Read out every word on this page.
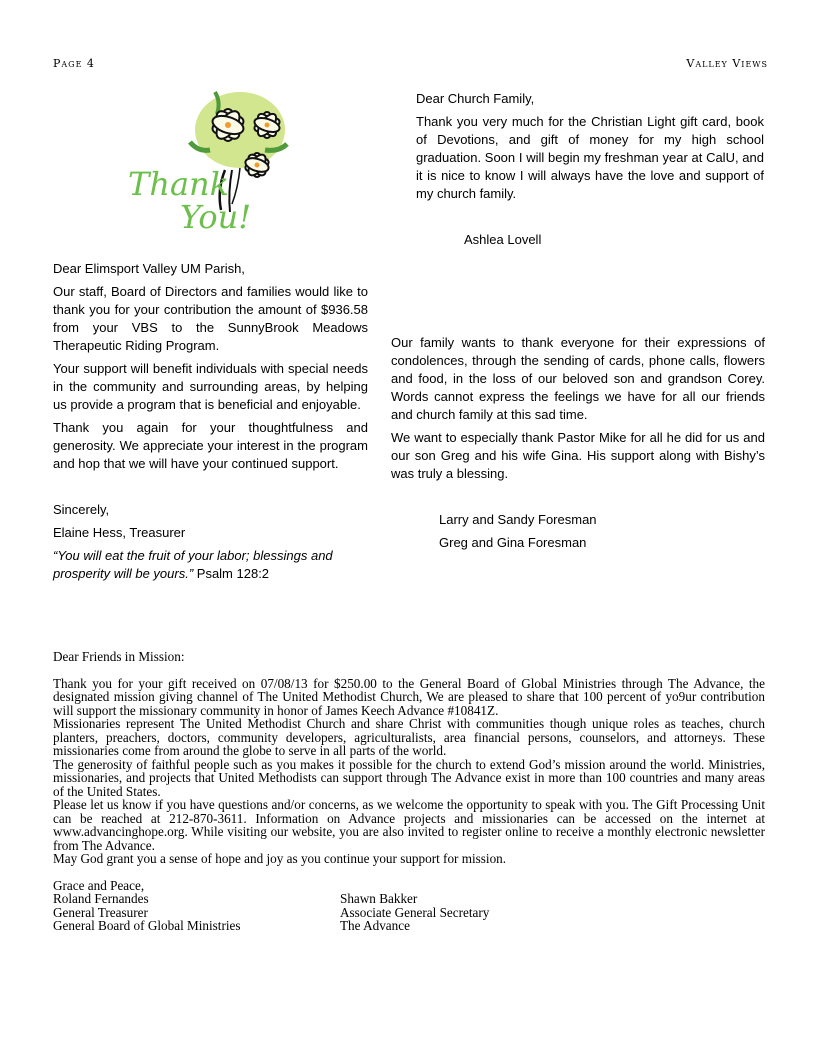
Page 4	Valley Views
Thank
You!

Dear Church Family,

Thank you very much for the Christian Light gift card, book of Devotions, and gift of money for my high school graduation. Soon I will begin my freshman year at CalU, and it is nice to know I will always have the love and support of my church family.

Ashlea Lovell

Dear Elimsport Valley UM Parish,

Our staff, Board of Directors and families would like to thank you for your contribution the amount of $936.58 from your VBS to the SunnyBrook Meadows Therapeutic Riding Program.

Your support will benefit individuals with special needs in the community and surrounding areas, by helping us provide a program that is beneficial and enjoyable.

Thank you again for your thoughtfulness and generosity. We appreciate your interest in the program and hop that we will have your continued support.

Sincerely,

Elaine Hess, Treasurer

“You will eat the fruit of your labor; blessings and prosperity will be yours.” Psalm 128:2

Our family wants to thank everyone for their expressions of condolences, through the sending of cards, phone calls, flowers and food, in the loss of our beloved son and grandson Corey. Words cannot express the feelings we have for all our friends and church family at this sad time.

We want to especially thank Pastor Mike for all he did for us and our son Greg and his wife Gina. His support along with Bishy’s was truly a blessing.

Larry and Sandy Foresman

Greg and Gina Foresman

Dear Friends in Mission:

Thank you for your gift received on 07/08/13 for $250.00 to the General Board of Global Ministries through The Advance, the designated mission giving channel of The United Methodist Church, We are pleased to share that 100 percent of yo9ur contribution will support the missionary community in honor of James Keech Advance #10841Z.

Missionaries represent The United Methodist Church and share Christ with communities though unique roles as teaches, church planters, preachers, doctors, community developers, agriculturalists, area financial persons, counselors, and attorneys. These missionaries come from around the globe to serve in all parts of the world.

The generosity of faithful people such as you makes it possible for the church to extend God’s mission around the world. Ministries, missionaries, and projects that United Methodists can support through The Advance exist in more than 100 countries and many areas of the United States.

Please let us know if you have questions and/or concerns, as we welcome the opportunity to speak with you. The Gift Processing Unit can be reached at 212-870-3611. Information on Advance projects and missionaries can be accessed on the internet at www.advancinghope.org. While visiting our website, you are also invited to register online to receive a monthly electronic newsletter from The Advance.

May God grant you a sense of hope and joy as you continue your support for mission.

Grace and Peace,

Roland Fernandes

General Treasurer

General Board of Global Ministries

Shawn Bakker

Associate General Secretary

The Advance
